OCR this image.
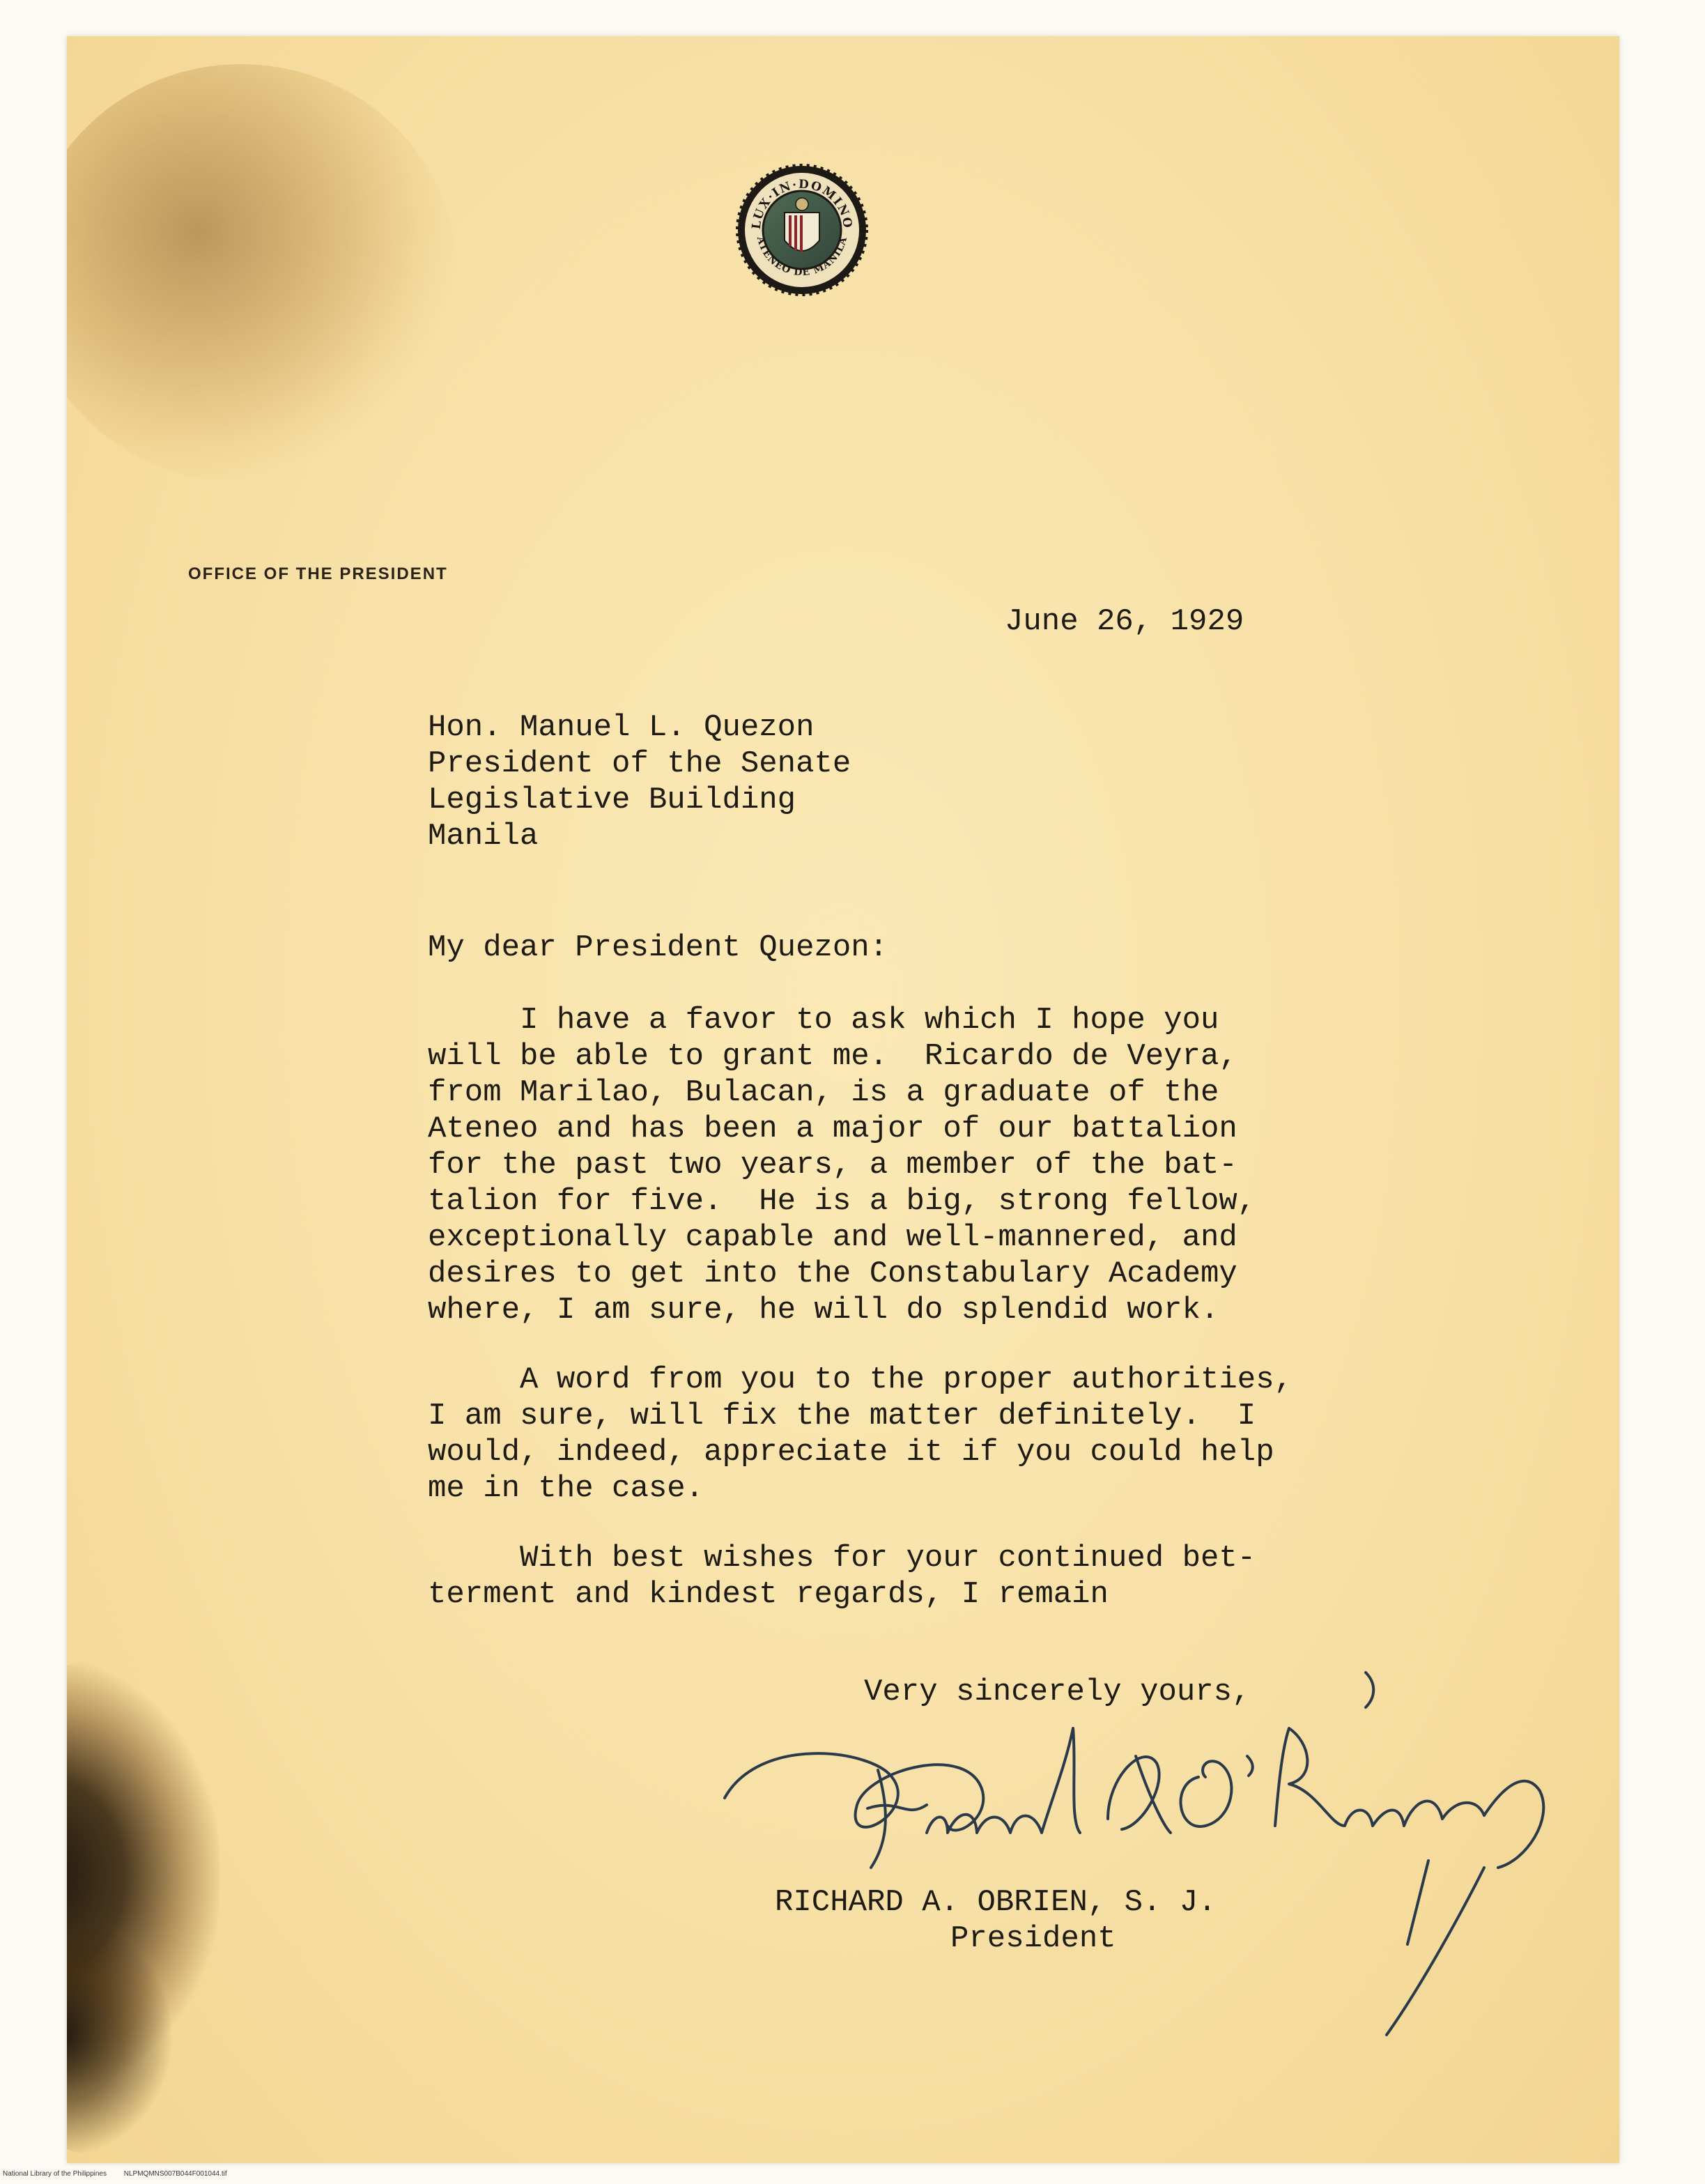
LUX·IN·DOMINO
ATENEO DE MANILA

OFFICE OF THE PRESIDENT

June 26, 1929

Hon. Manuel L. Quezon

President of the Senate

Legislative Building

Manila

My dear President Quezon:

I have a favor to ask which I hope you

will be able to grant me.  Ricardo de Veyra,

from Marilao, Bulacan, is a graduate of the

Ateneo and has been a major of our battalion

for the past two years, a member of the bat-

talion for five.  He is a big, strong fellow,

exceptionally capable and well-mannered, and

desires to get into the Constabulary Academy

where, I am sure, he will do splendid work.

A word from you to the proper authorities,

I am sure, will fix the matter definitely.  I

would, indeed, appreciate it if you could help

me in the case.

With best wishes for your continued bet-

terment and kindest regards, I remain

Very sincerely yours,

RICHARD A. OBRIEN, S. J.

President

National Library of the Philippines NLPMQMNS007B044F001044.tif
